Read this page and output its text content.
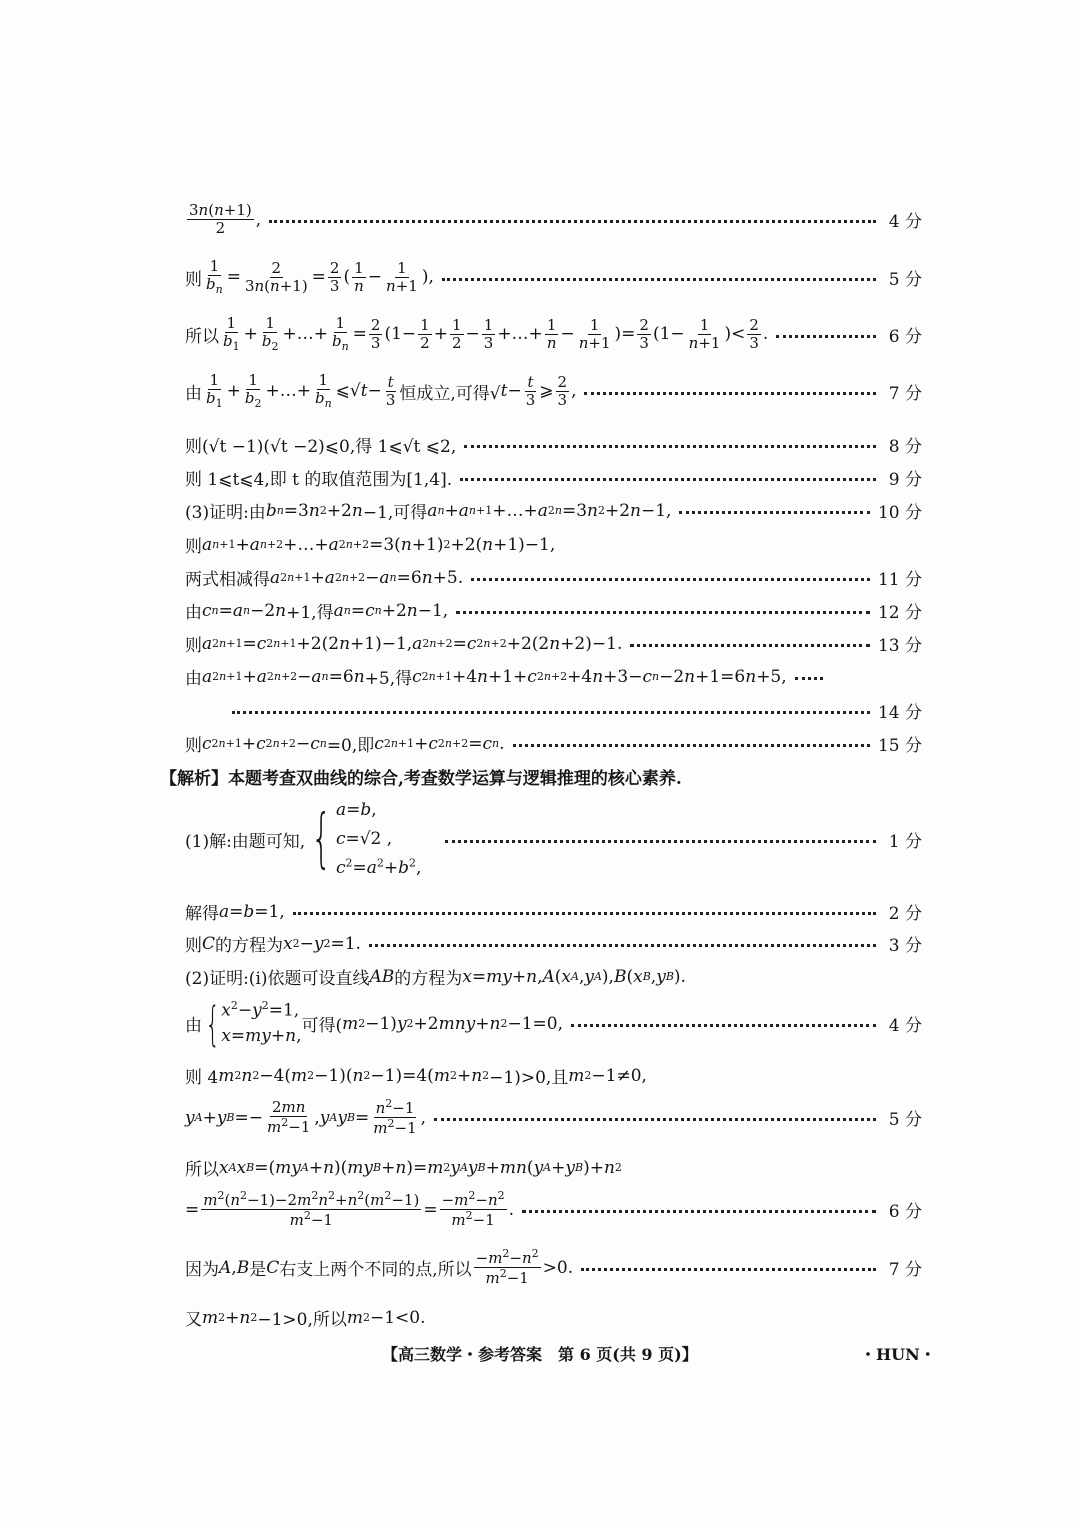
$\frac{3n(n+1)}{2}$ ,	4 分
则 $\frac{1}{b_n} = \frac{2}{3n(n+1)} = \frac{2}{3}$ ( $\frac{1}{n} - \frac{1}{n+1}$ ),	5 分
所以 $\frac{1}{b_1} + \frac{1}{b_2}$ +…+ $\frac{1}{b_n} = \frac{2}{3} (1- \frac{1}{2} + \frac{1}{2} - \frac{1}{3}$ +…+ $\frac{1}{n} - \frac{1}{n+1}$ )= $\frac{2}{3} (1- \frac{1}{n+1}$ )< $\frac{2}{3}$ .	6 分
由 $\frac{1}{b_1} + \frac{1}{b_2}$ +…+ $\frac{1}{b_n}$ ⩽√ $t - \frac{t}{3}$ 恒成立,可得√ $t - \frac{t}{3}$ ⩾ $\frac{2}{3}$ ,	7 分
则(√t −1)(√t −2)⩽0,得 1⩽√t ⩽2,	8 分
则 1⩽t⩽4,即 t 的取值范围为[1,4].	9 分
(3)证明:由 b n =3 n 2 +2 n −1,可得 a n + a n+1 +…+ a 2n =3 n 2 +2 n −1,	10 分
则 a n+1 + a n+2 +…+ a 2n+2 =3( n +1) 2 +2( n +1)−1,
两式相减得 a 2n+1 + a 2n+2 − a n =6 n +5.	11 分
由 c n = a n −2 n +1,得 a n = c n +2 n −1,	12 分
则 a 2n+1 = c 2n+1 +2(2 n +1)−1, a 2n+2 = c 2n+2 +2(2 n +2)−1.	13 分
由 a 2n+1 + a 2n+2 − a n =6 n +5,得 c 2n+1 +4 n +1+ c 2n+2 +4 n +3− c n −2 n +1=6 n +5,
14 分
则 c 2n+1 + c 2n+2 − c n =0,即 c 2n+1 + c 2n+2 = c n .	15 分
【解析】本题考查双曲线的综合,考查数学运算与逻辑推理的核心素养.
(1)解:由题可知, { a=b,
c=√2 ,
$c^2=a^2+b^2$,
1 分
解得 a = b =1,	2 分
则 C 的方程为 x 2 − y 2 =1.	3 分
(2)证明:(ⅰ)依题可设直线 AB 的方程为 x = my + n , A ( x A , y A ), B ( x B , y B ).
由 { $x^2-y^2=1$,
x=my+n, 可得( m 2 −1) y 2 +2 mny + n 2 −1=0,	4 分
则 4 m 2 n 2 −4( m 2 −1)( n 2 −1)=4( m 2 + n 2 −1)>0,且 m 2 −1≠0,
y A + y $B =- \frac{2mn}{m^2-1}$ , y A y $B = \frac{n^2-1}{m^2-1}$ ,	5 分
所以 x A x B =( my A + n )( my B + n )= m 2 y A y B + mn ( y A + y B )+ n 2
= $\frac{m^2(n^2-1)-2m^2n^2+n^2(m^2-1)}{m^2-1} = \frac{-m^2-n^2}{m^2-1}$ .	6 分
因为 A , B 是 C 右支上两个不同的点,所以 $\frac{-m^2-n^2}{m^2-1} >0$.	7 分
又 m 2 + n 2 −1>0,所以 m 2 −1<0.
【高三数学・参考答案　第 6 页(共 9 页)】	・HUN・
